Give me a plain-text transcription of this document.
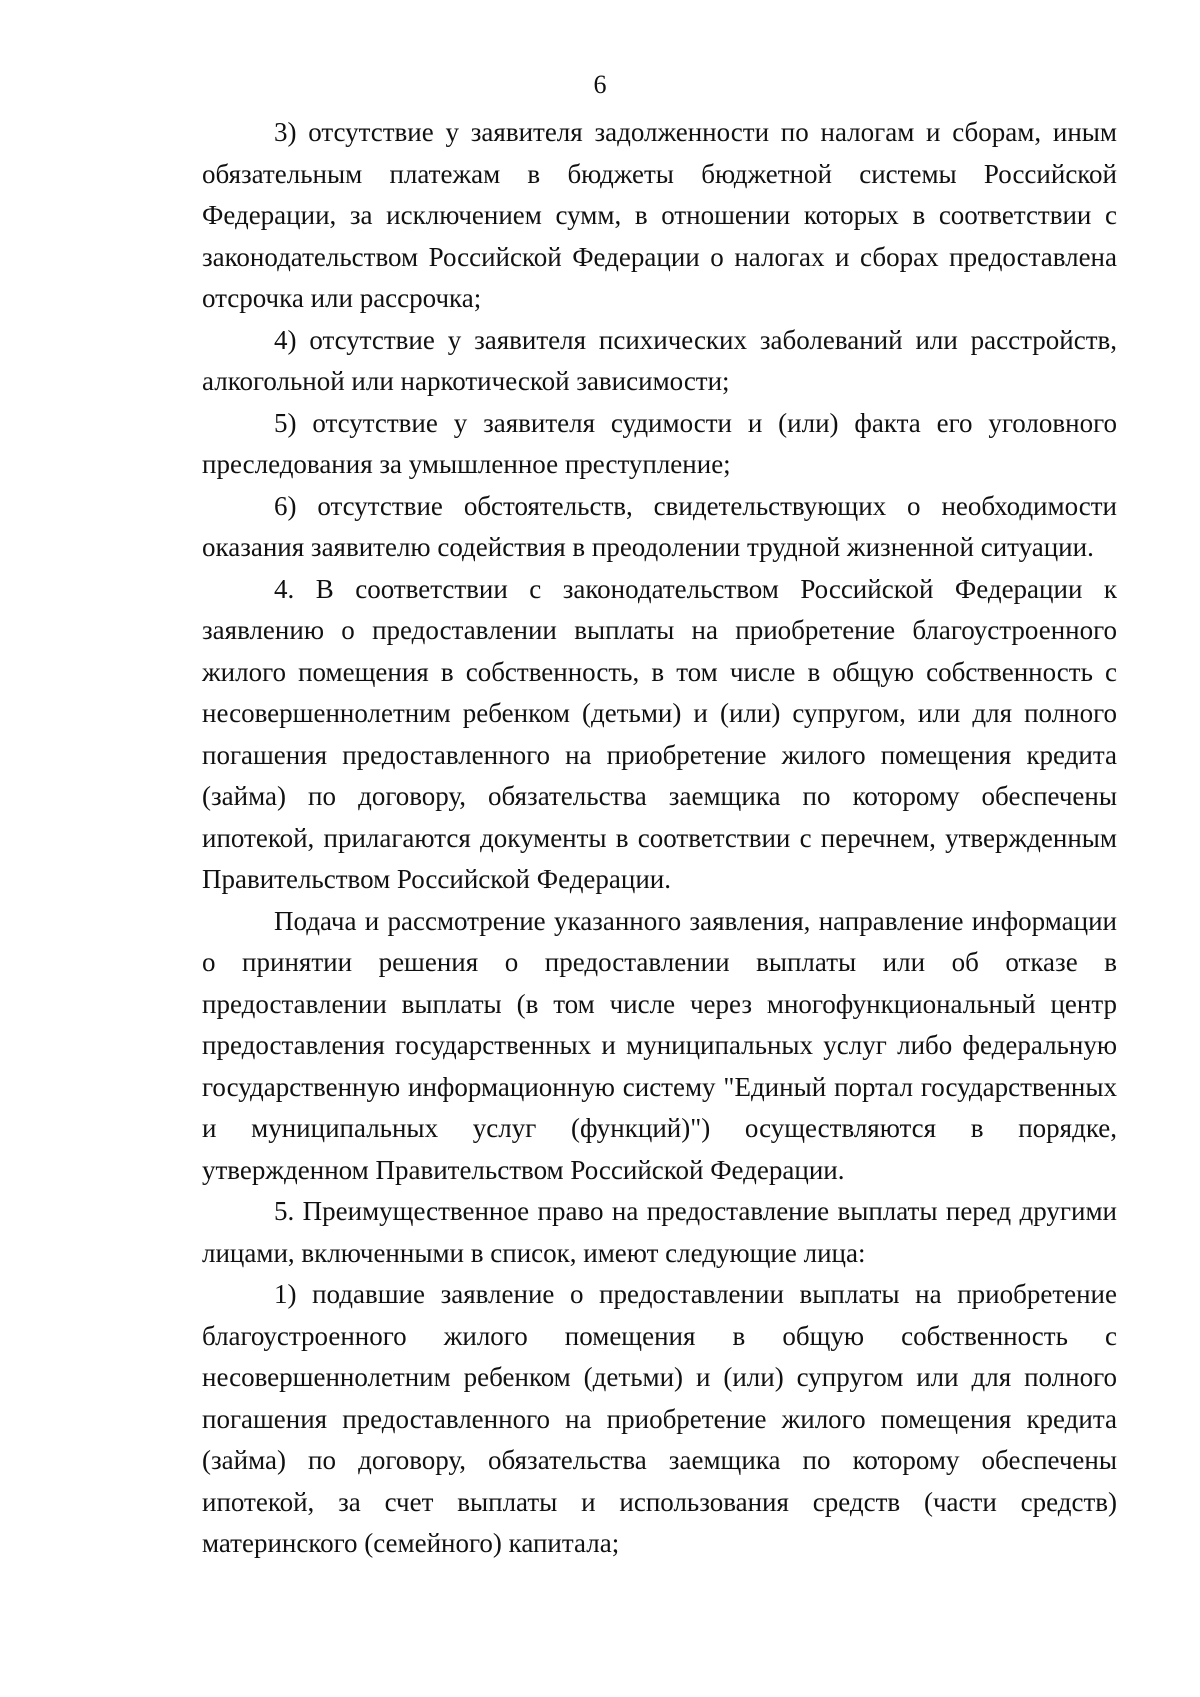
6

3) отсутствие у заявителя задолженности по налогам и сборам, иным обязательным платежам в бюджеты бюджетной системы Российской Федерации, за исключением сумм, в отношении которых в соответствии с законодательством Российской Федерации о налогах и сборах предоставлена отсрочка или рассрочка;

4) отсутствие у заявителя психических заболеваний или расстройств, алкогольной или наркотической зависимости;

5) отсутствие у заявителя судимости и (или) факта его уголовного преследования за умышленное преступление;

6) отсутствие обстоятельств, свидетельствующих о необходимости оказания заявителю содействия в преодолении трудной жизненной ситуации.

4. В соответствии с законодательством Российской Федерации к заявлению о предоставлении выплаты на приобретение благоустроенного жилого помещения в собственность, в том числе в общую собственность с несовершеннолетним ребенком (детьми) и (или) супругом, или для полного погашения предоставленного на приобретение жилого помещения кредита (займа) по договору, обязательства заемщика по которому обеспечены ипотекой, прилагаются документы в соответствии с перечнем, утвержденным Правительством Российской Федерации.

Подача и рассмотрение указанного заявления, направление информации о принятии решения о предоставлении выплаты или об отказе в предоставлении выплаты (в том числе через многофункциональный центр предоставления государственных и муниципальных услуг либо федеральную государственную информационную систему "Единый портал государственных и муниципальных услуг (функций)") осуществляются в порядке, утвержденном Правительством Российской Федерации.

5. Преимущественное право на предоставление выплаты перед другими лицами, включенными в список, имеют следующие лица:

1) подавшие заявление о предоставлении выплаты на приобретение благоустроенного жилого помещения в общую собственность с несовершеннолетним ребенком (детьми) и (или) супругом или для полного погашения предоставленного на приобретение жилого помещения кредита (займа) по договору, обязательства заемщика по которому обеспечены ипотекой, за счет выплаты и использования средств (части средств) материнского (семейного) капитала;
